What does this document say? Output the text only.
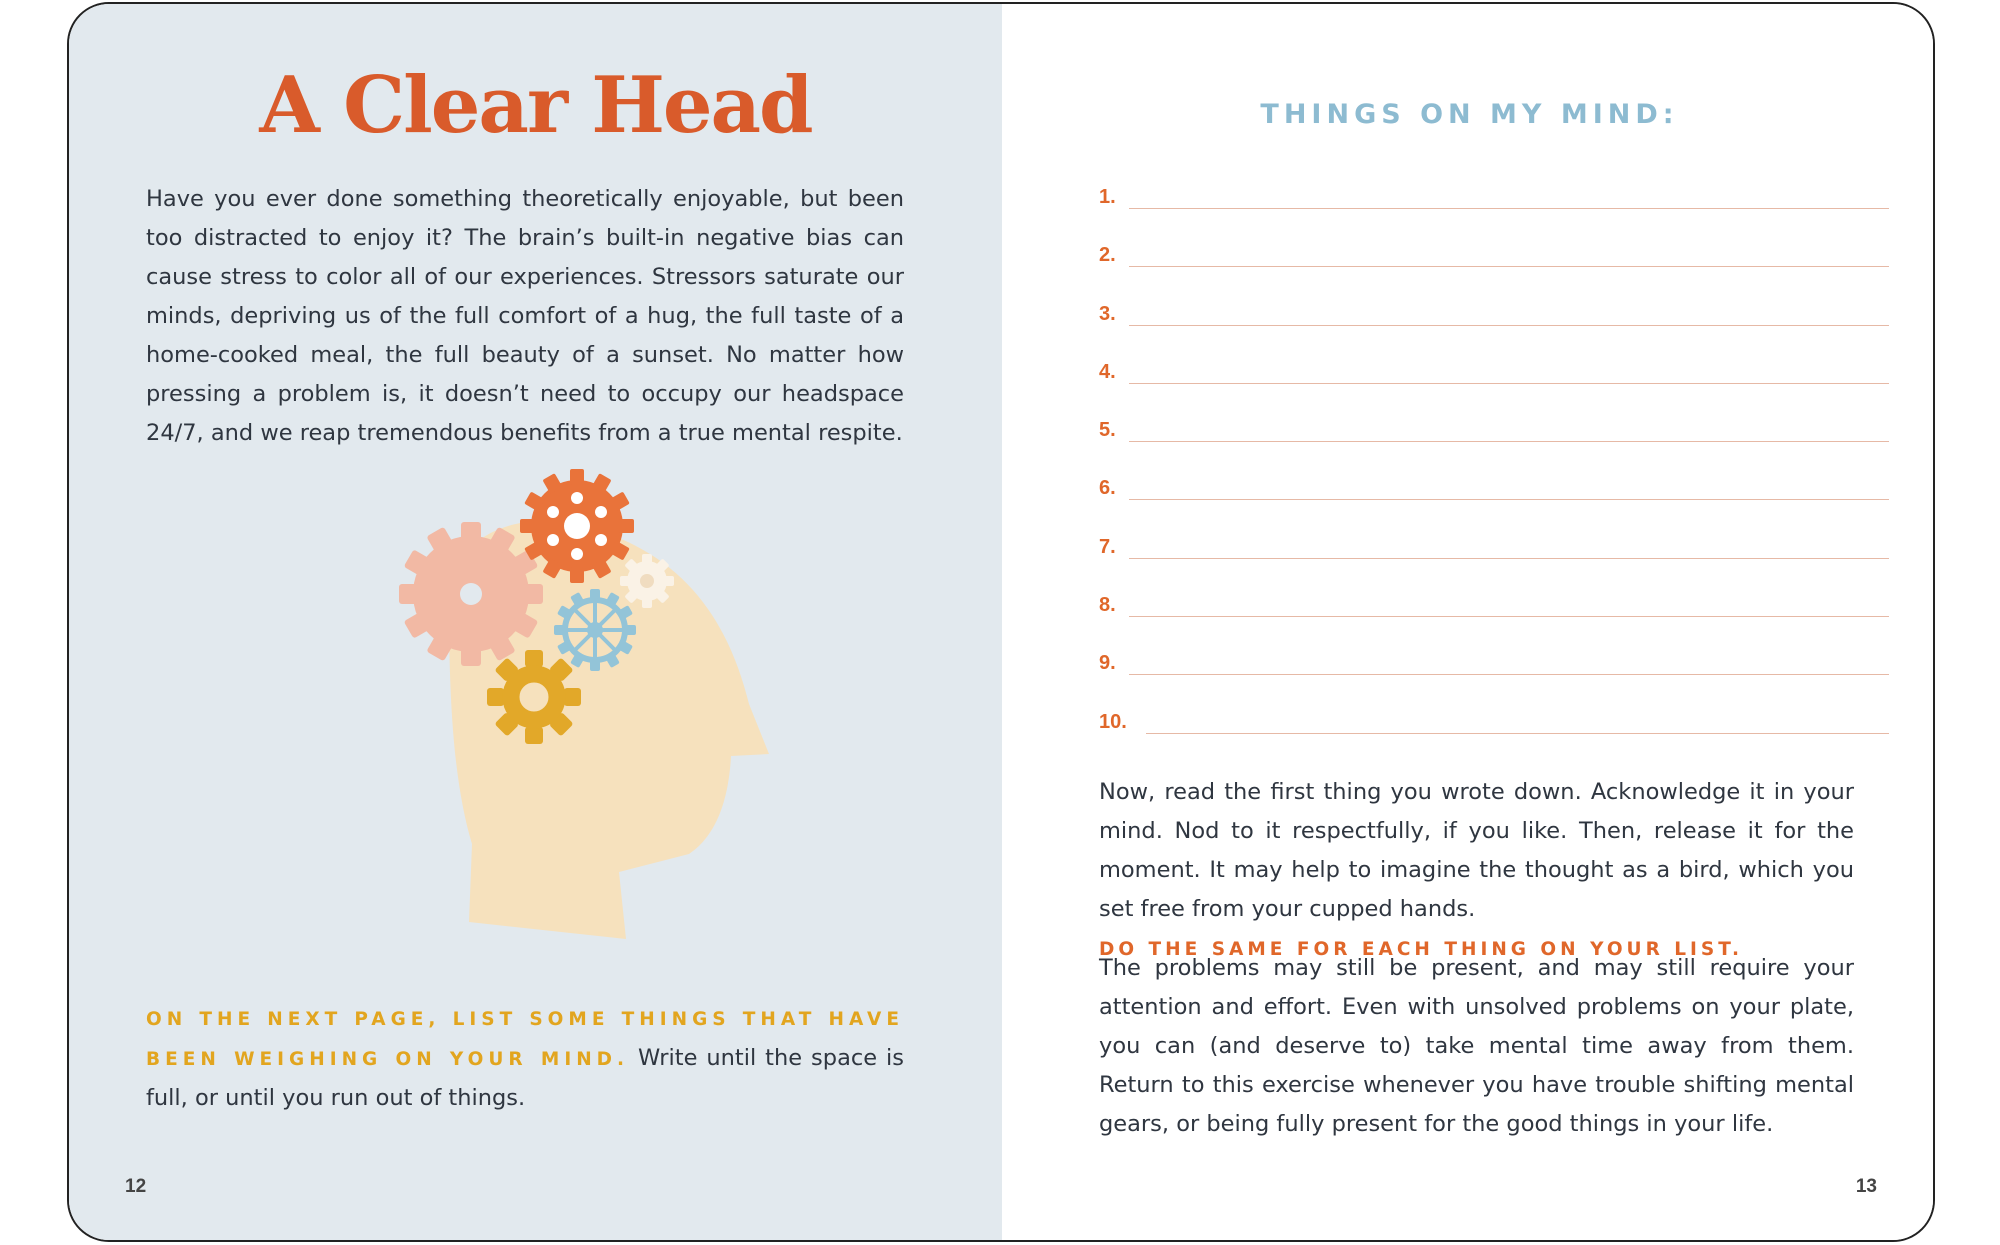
A Clear Head

Have you ever done something theoretically enjoyable, but been too distracted to enjoy it? The brain’s built-in negative bias can cause stress to color all of our experiences. Stressors saturate our minds, depriving us of the full comfort of a hug, the full taste of a home-cooked meal, the full beauty of a sunset. No matter how pressing a problem is, it doesn’t need to occupy our headspace 24/7, and we reap tremendous benefits from a true mental respite.

ON THE NEXT PAGE, LIST SOME THINGS THAT HAVE BEEN WEIGHING ON YOUR MIND. Write until the space is full, or until you run out of things.

12
THINGS ON MY MIND:
1.
2.
3.
4.
5.
6.
7.
8.
9.
10.

Now, read the first thing you wrote down. Acknowledge it in your mind. Nod to it respectfully, if you like. Then, release it for the moment. It may help to imagine the thought as a bird, which you set free from your cupped hands.
DO THE SAME FOR EACH THING ON YOUR LIST.

The problems may still be present, and may still require your attention and effort. Even with unsolved problems on your plate, you can (and deserve to) take mental time away from them. Return to this exercise whenever you have trouble shifting mental gears, or being fully present for the good things in your life.

13
